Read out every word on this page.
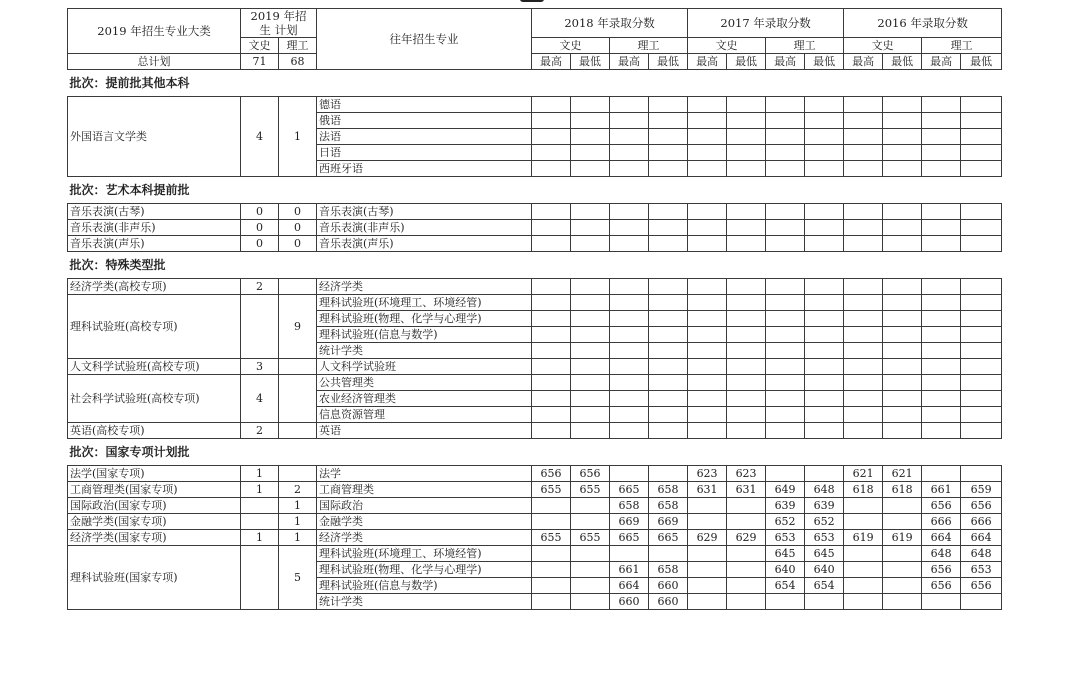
2019 年招生专业大类	2019 年招 生 计划		往年招生专业	2018 年录取分数				2017 年录取分数				2016 年录取分数			
	文史	理工		文史		理工		文史		理工		文史		理工	
总计划	71	68		最高	最低	最高	最低	最高	最低	最高	最低	最高	最低	最高	最低
批次：提前批其他本科															
外国语言文学类	4	1	德语												
			俄语												
			法语												
			日语												
			西班牙语												
批次：艺术本科提前批															
音乐表演(古琴)	0	0	音乐表演(古琴)												
音乐表演(非声乐)	0	0	音乐表演(非声乐)												
音乐表演(声乐)	0	0	音乐表演(声乐)												
批次：特殊类型批															
经济学类(高校专项)	2		经济学类												
理科试验班(高校专项)		9	理科试验班(环境理工、环境经管)												
			理科试验班(物理、化学与心理学)												
			理科试验班(信息与数学)												
			统计学类												
人文科学试验班(高校专项)	3		人文科学试验班												
社会科学试验班(高校专项)	4		公共管理类												
			农业经济管理类												
			信息资源管理												
英语(高校专项)	2		英语												
批次：国家专项计划批															
法学(国家专项)	1		法学	656	656			623	623			621	621		
工商管理类(国家专项)	1	2	工商管理类	655	655	665	658	631	631	649	648	618	618	661	659
国际政治(国家专项)		1	国际政治			658	658			639	639			656	656
金融学类(国家专项)		1	金融学类			669	669			652	652			666	666
经济学类(国家专项)	1	1	经济学类	655	655	665	665	629	629	653	653	619	619	664	664
理科试验班(国家专项)		5	理科试验班(环境理工、环境经管)							645	645			648	648
			理科试验班(物理、化学与心理学)			661	658			640	640			656	653
			理科试验班(信息与数学)			664	660			654	654			656	656
			统计学类			660	660								
